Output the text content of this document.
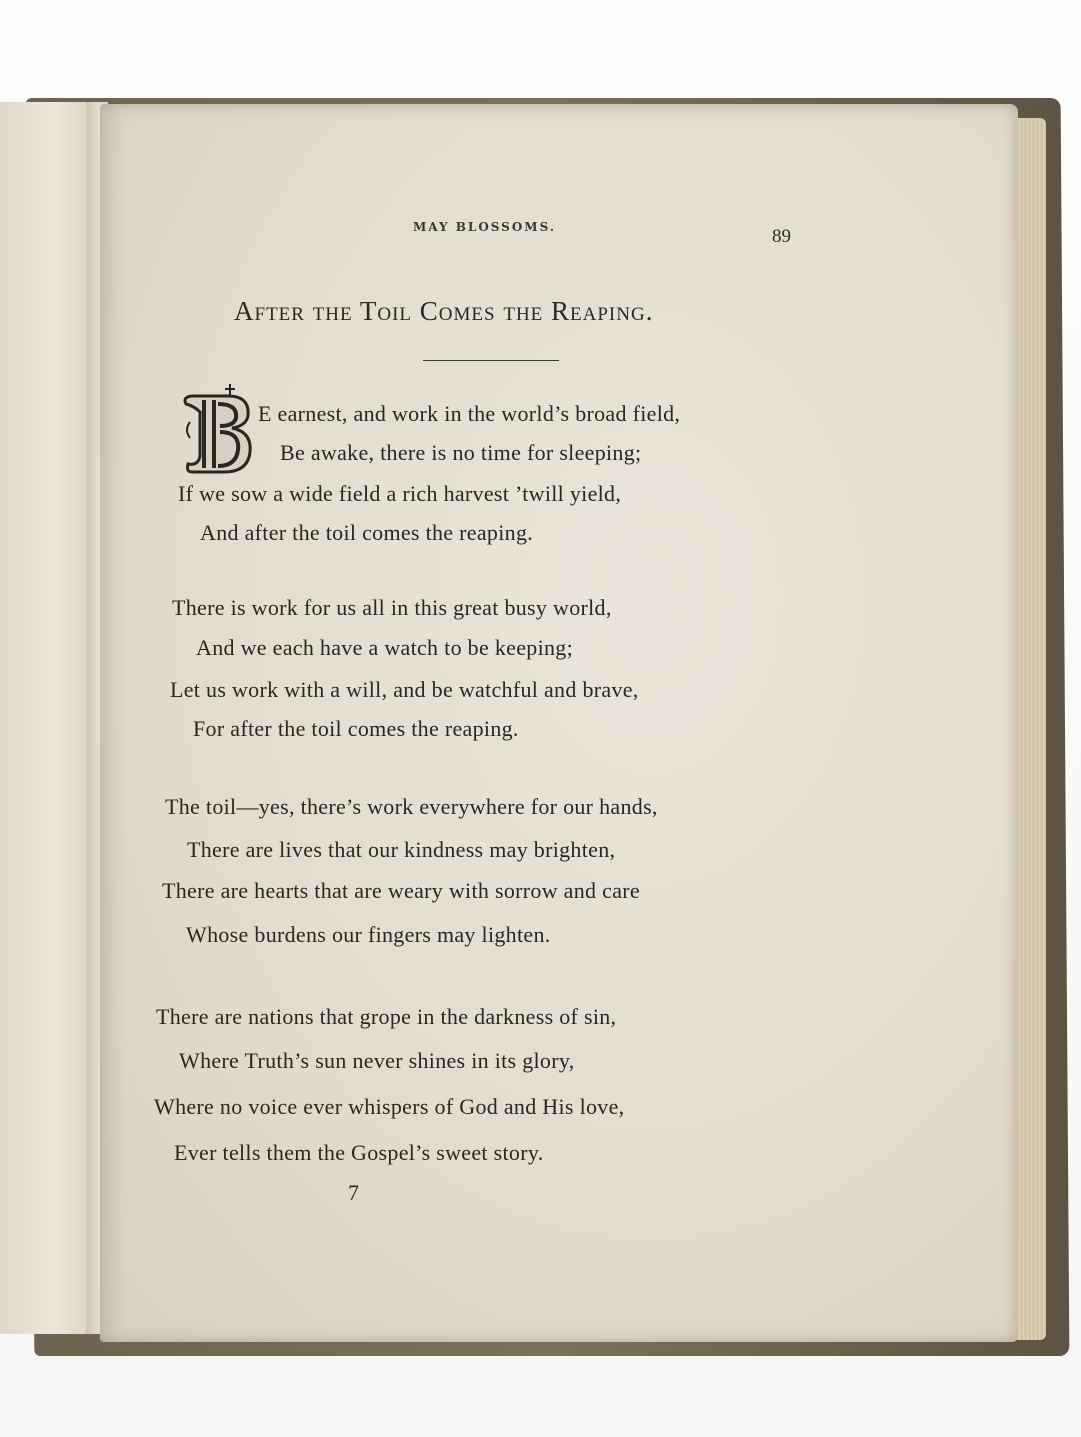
MAY BLOSSOMS.	89
After the Toil Comes the Reaping.
E earnest, and work in the world’s broad field,
Be awake, there is no time for sleeping;
If we sow a wide field a rich harvest ’twill yield,
And after the toil comes the reaping.
There is work for us all in this great busy world,
And we each have a watch to be keeping;
Let us work with a will, and be watchful and brave,
For after the toil comes the reaping.
The toil—yes, there’s work everywhere for our hands,
There are lives that our kindness may brighten,
There are hearts that are weary with sorrow and care
Whose burdens our fingers may lighten.
There are nations that grope in the darkness of sin,
Where Truth’s sun never shines in its glory,
Where no voice ever whispers of God and His love,
Ever tells them the Gospel’s sweet story.
7
